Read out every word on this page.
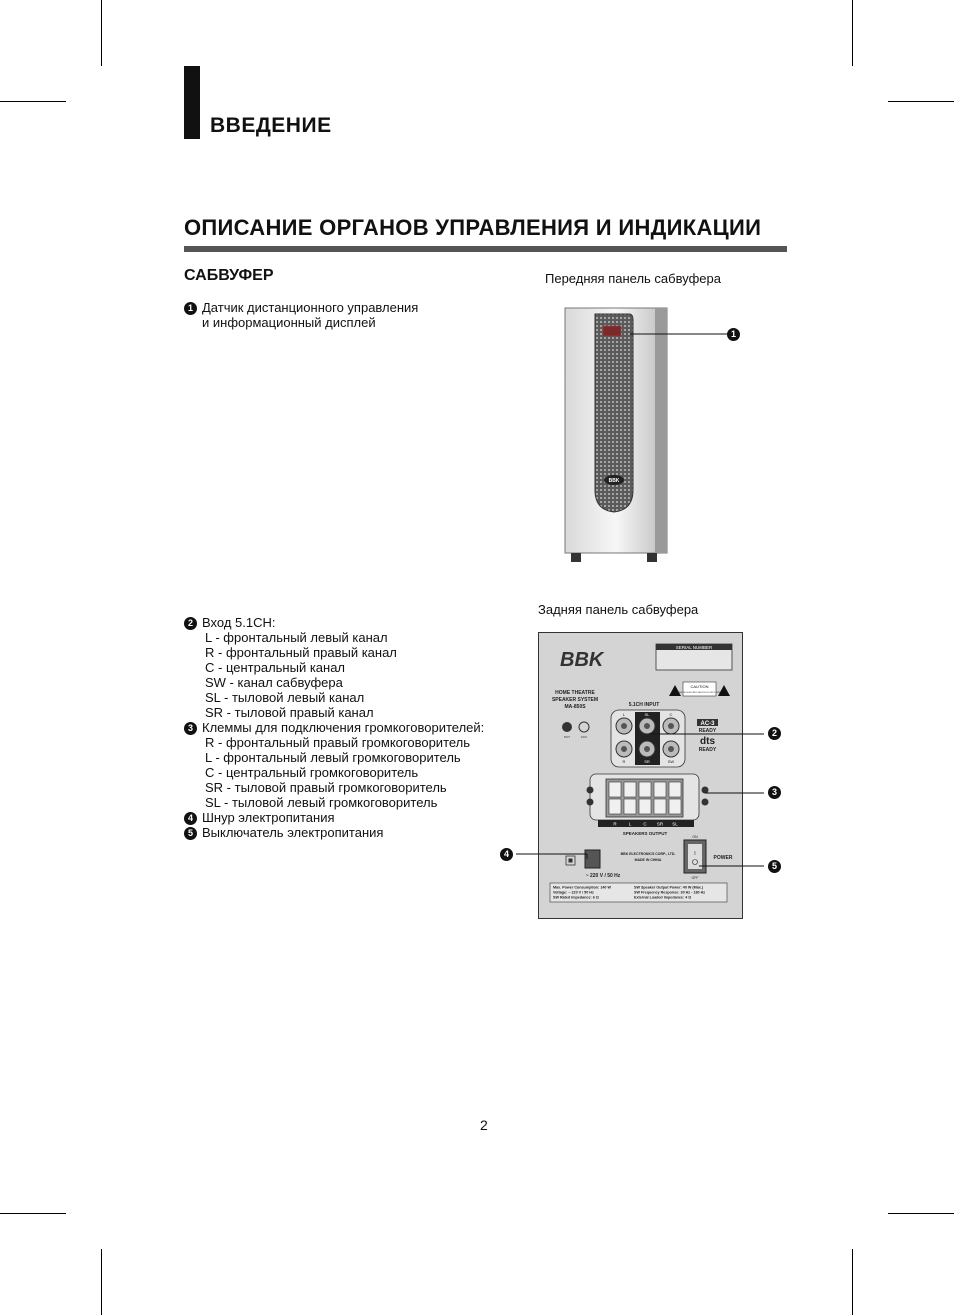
ВВЕДЕНИЕ
ОПИСАНИЕ ОРГАНОВ УПРАВЛЕНИЯ И ИНДИКАЦИИ
САБВУФЕР
1 Датчик дистанционного управления
и информационный дисплей
Передняя панель сабвуфера
Задняя панель сабвуфера
BBK
1
2 Вход 5.1CH:
L - фронтальный левый канал
R - фронтальный правый канал
C - центральный канал
SW - канал сабвуфера
SL - тыловой левый канал
SR - тыловой правый канал
3 Клеммы для подключения громкоговорителей:
R - фронтальный правый громкоговоритель
L - фронтальный левый громкоговоритель
C - центральный громкоговоритель
SR - тыловой правый громкоговоритель
SL - тыловой левый громкоговоритель
4 Шнур электропитания
5 Выключатель электропитания
BBK
SERIAL NUMBER
CAUTION
RISK OF ELECTRIC SHOCK DO NOT OPEN
HOME THEATRE
SPEAKER SYSTEM
MA-850S
PCT	CCC
5.1CH INPUT
L	SL	C
R	SR	SW
AC-3
READY
dts
READY
R	L	C SR SL
SPEAKERS OUTPUT
BBK ELECTRONICS CORP., LTD.
MADE IN CHINA
~ 220 V / 50 Hz
ON
I
OFF
POWER
Max. Power Consumption: 140 W
Voltage: ~ 220 V / 50 Hz
SW Rated Impedance: 6 Ω
SW Speaker Output Power: 40 W (Max.)
SW Frequency Response: 30 Hz - 180 Hz
External Loaded Impedance: 4 Ω
2
3
4
5
2
